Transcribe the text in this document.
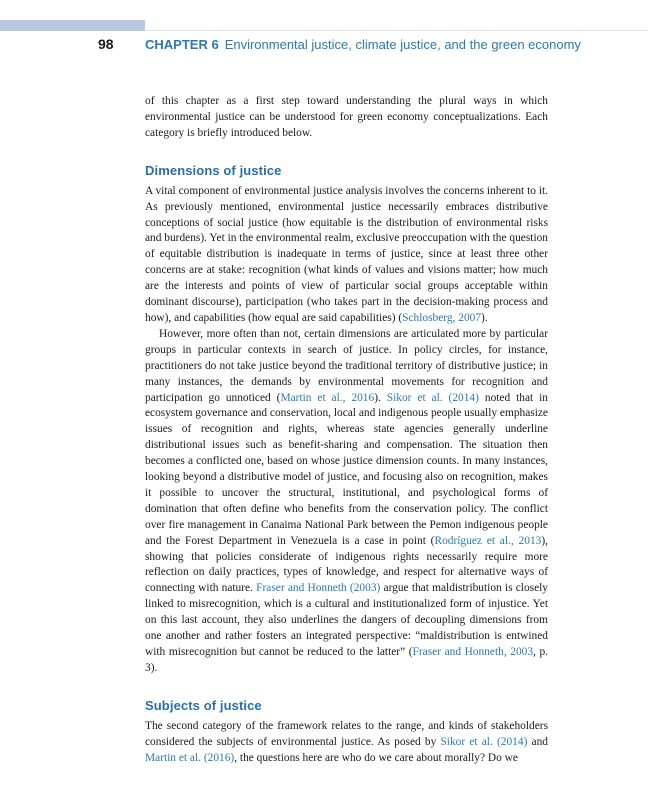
98 CHAPTER 6 Environmental justice, climate justice, and the green economy

of this chapter as a first step toward understanding the plural ways in which environmental justice can be understood for green economy conceptualizations. Each category is briefly introduced below.

Dimensions of justice

A vital component of environmental justice analysis involves the concerns inherent to it. As previously mentioned, environmental justice necessarily embraces distributive conceptions of social justice (how equitable is the distribution of environmental risks and burdens). Yet in the environmental realm, exclusive preoccupation with the question of equitable distribution is inadequate in terms of justice, since at least three other concerns are at stake: recognition (what kinds of values and visions matter; how much are the interests and points of view of particular social groups acceptable within dominant discourse), participation (who takes part in the decision-making process and how), and capabilities (how equal are said capabilities) (Schlosberg, 2007).

However, more often than not, certain dimensions are articulated more by particular groups in particular contexts in search of justice. In policy circles, for instance, practitioners do not take justice beyond the traditional territory of distributive justice; in many instances, the demands by environmental movements for recognition and participation go unnoticed (Martin et al., 2016). Sikor et al. (2014) noted that in ecosystem governance and conservation, local and indigenous people usually emphasize issues of recognition and rights, whereas state agencies generally underline distributional issues such as benefit-sharing and compensation. The situation then becomes a conflicted one, based on whose justice dimension counts. In many instances, looking beyond a distributive model of justice, and focusing also on recognition, makes it possible to uncover the structural, institutional, and psychological forms of domination that often define who benefits from the conservation policy. The conflict over fire management in Canaima National Park between the Pemon indigenous people and the Forest Department in Venezuela is a case in point (Rodríguez et al., 2013), showing that policies considerate of indigenous rights necessarily require more reflection on daily practices, types of knowledge, and respect for alternative ways of connecting with nature. Fraser and Honneth (2003) argue that maldistribution is closely linked to misrecognition, which is a cultural and institutionalized form of injustice. Yet on this last account, they also underlines the dangers of decoupling dimensions from one another and rather fosters an integrated perspective: “maldistribution is entwined with misrecognition but cannot be reduced to the latter” (Fraser and Honneth, 2003, p. 3).

Subjects of justice

The second category of the framework relates to the range, and kinds of stakeholders considered the subjects of environmental justice. As posed by Sikor et al. (2014) and Martin et al. (2016), the questions here are who do we care about morally? Do we
